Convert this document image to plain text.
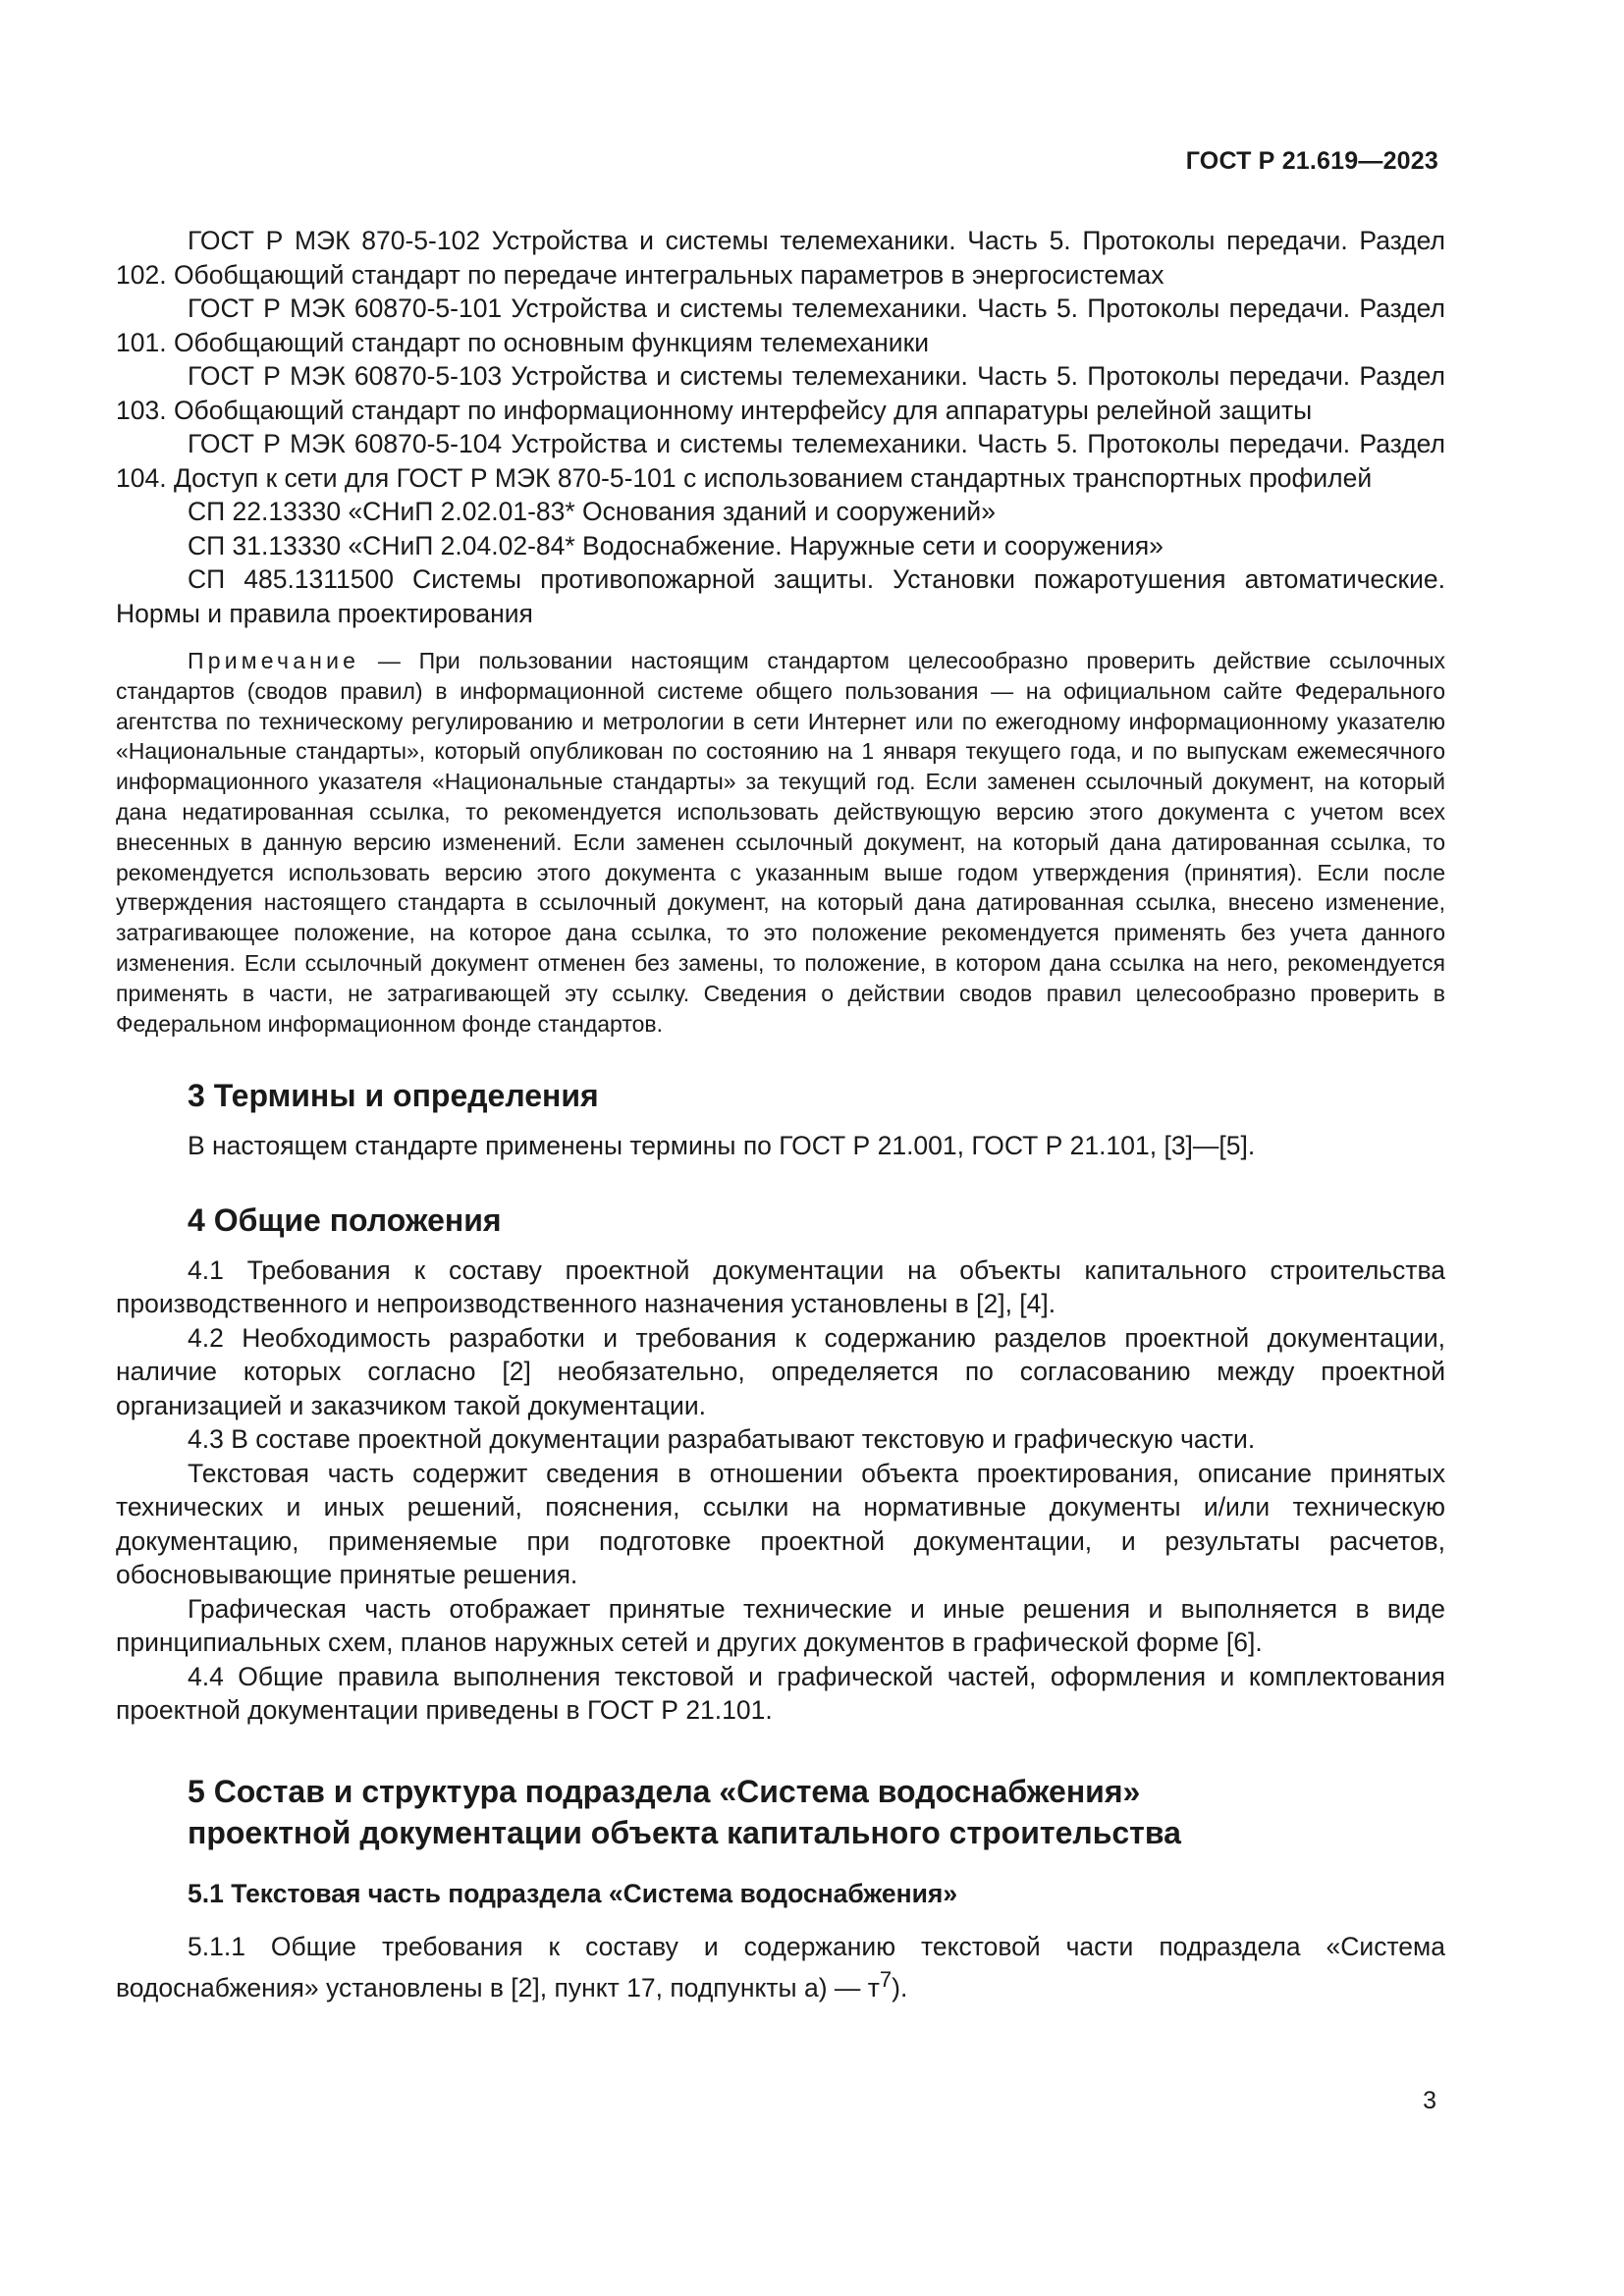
ГОСТ Р 21.619—2023

ГОСТ Р МЭК 870-5-102 Устройства и системы телемеханики. Часть 5. Протоколы передачи. Раздел 102. Обобщающий стандарт по передаче интегральных параметров в энергосистемах

ГОСТ Р МЭК 60870-5-101 Устройства и системы телемеханики. Часть 5. Протоколы передачи. Раздел 101. Обобщающий стандарт по основным функциям телемеханики

ГОСТ Р МЭК 60870-5-103 Устройства и системы телемеханики. Часть 5. Протоколы передачи. Раздел 103. Обобщающий стандарт по информационному интерфейсу для аппаратуры релейной защиты

ГОСТ Р МЭК 60870-5-104 Устройства и системы телемеханики. Часть 5. Протоколы передачи. Раздел 104. Доступ к сети для ГОСТ Р МЭК 870-5-101 с использованием стандартных транспортных профилей

СП 22.13330 «СНиП 2.02.01-83* Основания зданий и сооружений»

СП 31.13330 «СНиП 2.04.02-84* Водоснабжение. Наружные сети и сооружения»

СП 485.1311500 Системы противопожарной защиты. Установки пожаротушения автоматические. Нормы и правила проектирования

Примечание — При пользовании настоящим стандартом целесообразно проверить действие ссылочных стандартов (сводов правил) в информационной системе общего пользования — на официальном сайте Федерального агентства по техническому регулированию и метрологии в сети Интернет или по ежегодному информационному указателю «Национальные стандарты», который опубликован по состоянию на 1 января текущего года, и по выпускам ежемесячного информационного указателя «Национальные стандарты» за текущий год. Если заменен ссылочный документ, на который дана недатированная ссылка, то рекомендуется использовать действующую версию этого документа с учетом всех внесенных в данную версию изменений. Если заменен ссылочный документ, на который дана датированная ссылка, то рекомендуется использовать версию этого документа с указанным выше годом утверждения (принятия). Если после утверждения настоящего стандарта в ссылочный документ, на который дана датированная ссылка, внесено изменение, затрагивающее положение, на которое дана ссылка, то это положение рекомендуется применять без учета данного изменения. Если ссылочный документ отменен без замены, то положение, в котором дана ссылка на него, рекомендуется применять в части, не затрагивающей эту ссылку. Сведения о действии сводов правил целесообразно проверить в Федеральном информационном фонде стандартов.

3 Термины и определения

В настоящем стандарте применены термины по ГОСТ Р 21.001, ГОСТ Р 21.101, [3]—[5].

4 Общие положения

4.1 Требования к составу проектной документации на объекты капитального строительства производственного и непроизводственного назначения установлены в [2], [4].

4.2 Необходимость разработки и требования к содержанию разделов проектной документации, наличие которых согласно [2] необязательно, определяется по согласованию между проектной организацией и заказчиком такой документации.

4.3 В составе проектной документации разрабатывают текстовую и графическую части.

Текстовая часть содержит сведения в отношении объекта проектирования, описание принятых технических и иных решений, пояснения, ссылки на нормативные документы и/или техническую документацию, применяемые при подготовке проектной документации, и результаты расчетов, обосновывающие принятые решения.

Графическая часть отображает принятые технические и иные решения и выполняется в виде принципиальных схем, планов наружных сетей и других документов в графической форме [6].

4.4 Общие правила выполнения текстовой и графической частей, оформления и комплектования проектной документации приведены в ГОСТ Р 21.101.

5 Состав и структура подраздела «Система водоснабжения»
проектной документации объекта капитального строительства
5.1 Текстовая часть подраздела «Система водоснабжения»

5.1.1 Общие требования к составу и содержанию текстовой части подраздела «Система водоснабжения» установлены в [2], пункт 17, подпункты а) — $т^7$).

3
